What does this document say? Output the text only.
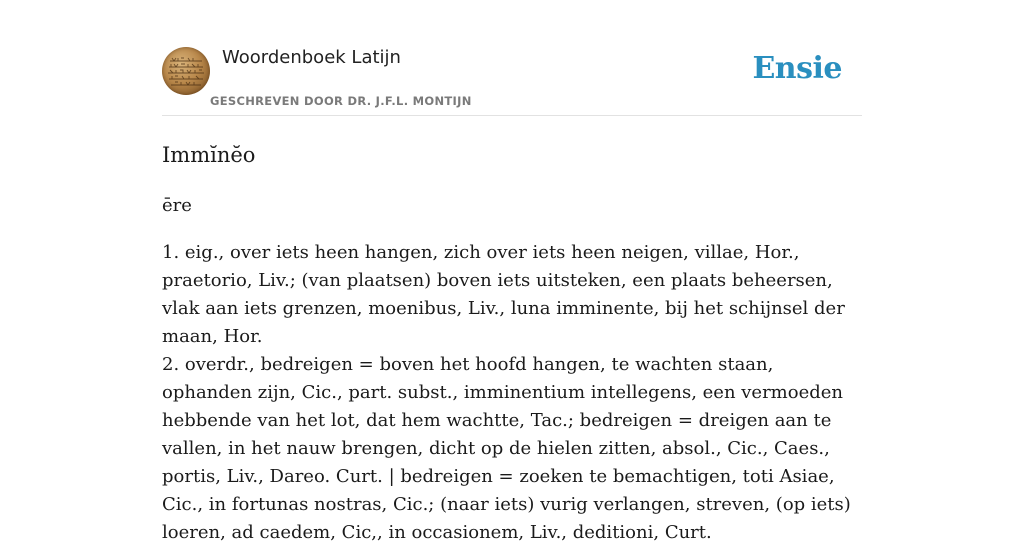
Woordenboek Latijn
GESCHREVEN DOOR DR. J.F.L. MONTIJN
Ensie
Immĭnĕo
ēre

1. eig., over iets heen hangen, zich over iets heen neigen, villae, Hor., praetorio, Liv.; (van plaatsen) boven iets uitsteken, een plaats beheersen, vlak aan iets grenzen, moenibus, Liv., luna imminente, bij het schijnsel der maan, Hor.

2. overdr., bedreigen = boven het hoofd hangen, te wachten staan, ophanden zijn, Cic., part. subst., imminentium intellegens, een vermoeden hebbende van het lot, dat hem wachtte, Tac.; bedreigen = dreigen aan te vallen, in het nauw brengen, dicht op de hielen zitten, absol., Cic., Caes., portis, Liv., Dareo. Curt. | bedreigen = zoeken te bemachtigen, toti Asiae, Cic., in fortunas nostras, Cic.; (naar iets) vurig verlangen, streven, (op iets) loeren, ad caedem, Cic,, in occasionem, Liv., deditioni, Curt.
